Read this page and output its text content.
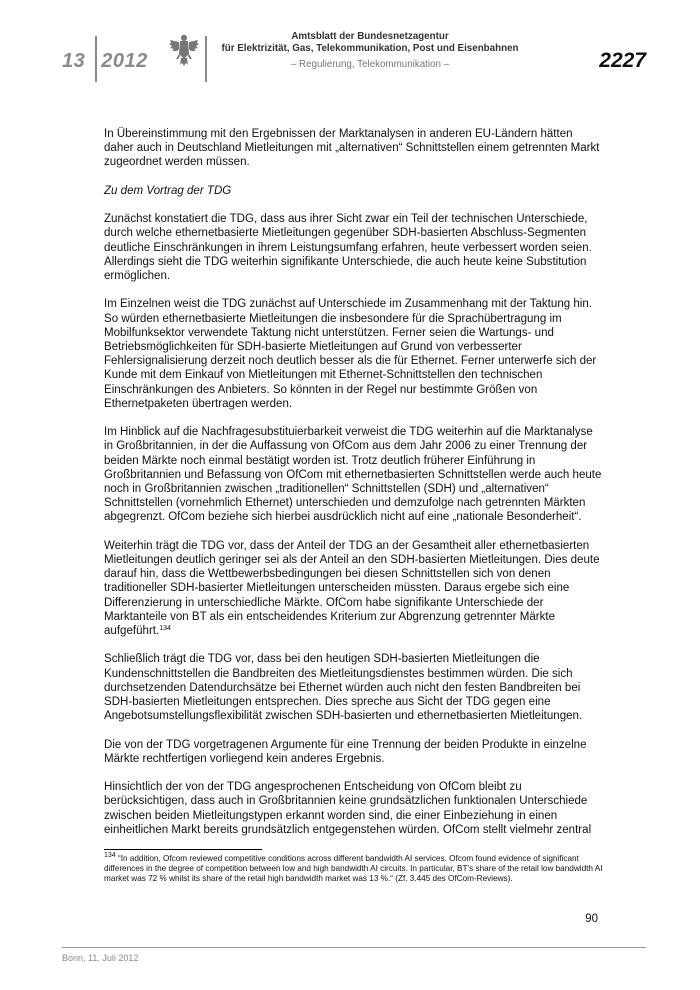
13 2012
Amtsblatt der Bundesnetzagentur
für Elektrizität, Gas, Telekommunikation, Post und Eisenbahnen
– Regulierung, Telekommunikation –	2227

In Übereinstimmung mit den Ergebnissen der Marktanalysen in anderen EU-Ländern hätten daher auch in Deutschland Mietleitungen mit „alternativen“ Schnittstellen einem getrennten Markt zugeordnet werden müssen.

Zu dem Vortrag der TDG

Zunächst konstatiert die TDG, dass aus ihrer Sicht zwar ein Teil der technischen Unterschiede, durch welche ethernetbasierte Mietleitungen gegenüber SDH-basierten Abschluss-Segmenten deutliche Einschränkungen in ihrem Leistungsumfang erfahren, heute verbessert worden seien. Allerdings sieht die TDG weiterhin signifikante Unterschiede, die auch heute keine Substitution ermöglichen.

Im Einzelnen weist die TDG zunächst auf Unterschiede im Zusammenhang mit der Taktung hin. So würden ethernetbasierte Mietleitungen die insbesondere für die Sprachübertragung im Mobilfunksektor verwendete Taktung nicht unterstützen. Ferner seien die Wartungs- und Betriebsmöglichkeiten für SDH-basierte Mietleitungen auf Grund von verbesserter Fehlersignalisierung derzeit noch deutlich besser als die für Ethernet. Ferner unterwerfe sich der Kunde mit dem Einkauf von Mietleitungen mit Ethernet-Schnittstellen den technischen Einschränkungen des Anbieters. So könnten in der Regel nur bestimmte Größen von Ethernetpaketen übertragen werden.

Im Hinblick auf die Nachfragesubstituierbarkeit verweist die TDG weiterhin auf die Marktanalyse in Großbritannien, in der die Auffassung von OfCom aus dem Jahr 2006 zu einer Trennung der beiden Märkte noch einmal bestätigt worden ist. Trotz deutlich früherer Einführung in Großbritannien und Befassung von OfCom mit ethernetbasierten Schnittstellen werde auch heute noch in Großbritannien zwischen „traditionellen“ Schnittstellen (SDH) und „alternativen“ Schnittstellen (vornehmlich Ethernet) unterschieden und demzufolge nach getrennten Märkten abgegrenzt. OfCom beziehe sich hierbei ausdrücklich nicht auf eine „nationale Besonderheit“.

Weiterhin trägt die TDG vor, dass der Anteil der TDG an der Gesamtheit aller ethernetbasierten Mietleitungen deutlich geringer sei als der Anteil an den SDH-basierten Mietleitungen. Dies deute darauf hin, dass die Wettbewerbsbedingungen bei diesen Schnittstellen sich von denen traditioneller SDH-basierter Mietleitungen unterscheiden müssten. Daraus ergebe sich eine Differenzierung in unterschiedliche Märkte. OfCom habe signifikante Unterschiede der Marktanteile von BT als ein entscheidendes Kriterium zur Abgrenzung getrennter Märkte aufgeführt.$^{134}$

Schließlich trägt die TDG vor, dass bei den heutigen SDH-basierten Mietleitungen die Kundenschnittstellen die Bandbreiten des Mietleitungsdienstes bestimmen würden. Die sich durchsetzenden Datendurchsätze bei Ethernet würden auch nicht den festen Bandbreiten bei SDH-basierten Mietleitungen entsprechen. Dies spreche aus Sicht der TDG gegen eine Angebotsumstellungsflexibilität zwischen SDH-basierten und ethernetbasierten Mietleitungen.

Die von der TDG vorgetragenen Argumente für eine Trennung der beiden Produkte in einzelne Märkte rechtfertigen vorliegend kein anderes Ergebnis.

Hinsichtlich der von der TDG angesprochenen Entscheidung von OfCom bleibt zu berücksichtigen, dass auch in Großbritannien keine grundsätzlichen funktionalen Unterschiede zwischen beiden Mietleitungstypen erkannt worden sind, die einer Einbeziehung in einen einheitlichen Markt bereits grundsätzlich entgegenstehen würden. OfCom stellt vielmehr zentral

$^{134}$ “In addition, Ofcom reviewed competitive conditions across different bandwidth AI services. Ofcom found evidence of significant differences in the degree of competition between low and high bandwidth AI circuits. In particular, BT’s share of the retail low bandwidth AI market was 72 % whilst its share of the retail high bandwidth market was 13 %.“ (Zf. 3.445 des OfCom-Reviews).
90
Bonn, 11. Juli 2012
